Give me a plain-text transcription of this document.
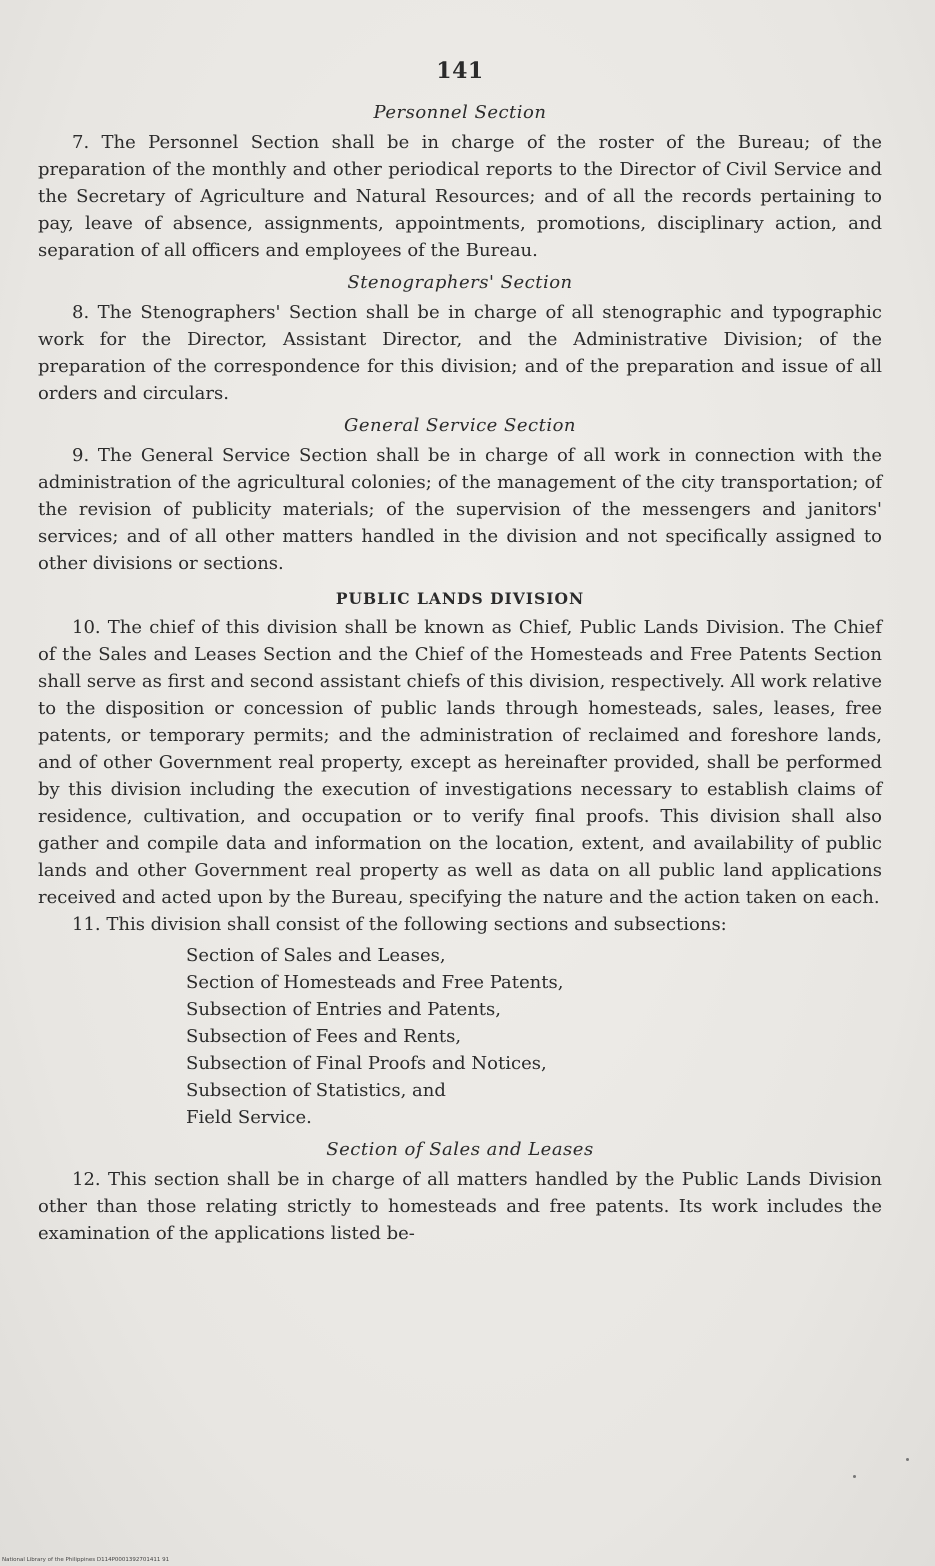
141
Personnel Section

7. The Personnel Section shall be in charge of the roster of the Bureau; of the preparation of the monthly and other periodical reports to the Director of Civil Service and the Secretary of Agriculture and Natural Resources; and of all the records pertaining to pay, leave of absence, assignments, appointments, promotions, disciplinary action, and separation of all officers and employees of the Bureau.

Stenographers' Section

8. The Stenographers' Section shall be in charge of all stenographic and typographic work for the Director, Assistant Director, and the Administrative Division; of the preparation of the correspondence for this division; and of the preparation and issue of all orders and circulars.

General Service Section

9. The General Service Section shall be in charge of all work in connection with the administration of the agricultural colonies; of the management of the city transportation; of the revision of publicity materials; of the supervision of the messengers and janitors' services; and of all other matters handled in the division and not specifically assigned to other divisions or sections.

PUBLIC LANDS DIVISION

10. The chief of this division shall be known as Chief, Public Lands Division. The Chief of the Sales and Leases Section and the Chief of the Homesteads and Free Patents Section shall serve as first and second assistant chiefs of this division, respectively. All work relative to the disposition or concession of public lands through homesteads, sales, leases, free patents, or temporary permits; and the administration of reclaimed and foreshore lands, and of other Government real property, except as hereinafter provided, shall be performed by this division including the execution of investigations necessary to establish claims of residence, cultivation, and occupation or to verify final proofs. This division shall also gather and compile data and information on the location, extent, and availability of public lands and other Government real property as well as data on all public land applications received and acted upon by the Bureau, specifying the nature and the action taken on each.

11. This division shall consist of the following sections and subsections:

Section of Sales and Leases,
Section of Homesteads and Free Patents,
Subsection of Entries and Patents,
Subsection of Fees and Rents,
Subsection of Final Proofs and Notices,
Subsection of Statistics, and
Field Service.
Section of Sales and Leases

12. This section shall be in charge of all matters handled by the Public Lands Division other than those relating strictly to homesteads and free patents. Its work includes the examination of the applications listed be-

National Library of the Philippines D114P0001392701411 91
